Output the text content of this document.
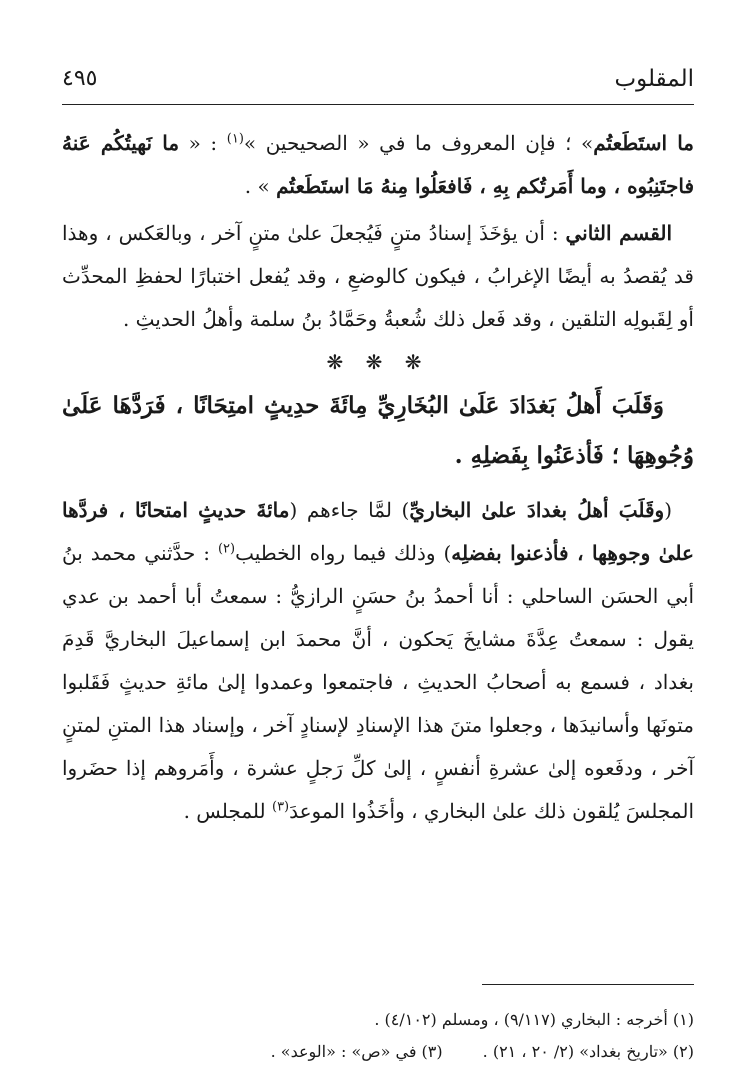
المقلوب
٤٩٥

ما استَطَعتُم» ؛ فإن المعروف ما في « الصحيحين »$^{(١)}$ : « ما نَهيتُكُم عَنهُ فاجتَنِبُوه ، وما أَمَرتُكم بِهِ ، فَافعَلُوا مِنهُ مَا استَطَعتُم » .

القسم الثاني : أن يؤخَذَ إسنادُ متنٍ فَيُجعلَ علىٰ متنٍ آخر ، وبالعَكس ، وهذا قد يُقصدُ به أيضًا الإغرابُ ، فيكون كالوضعِ ، وقد يُفعل اختبارًا لحفظِ المحدِّث أو لِقَبولِه التلقين ، وقد فَعل ذلك شُعبةُ وحَمَّادُ بنُ سلمة وأهلُ الحديثِ .

❋ ❋ ❋

وَقَلَبَ أَهلُ بَغدَادَ عَلَىٰ البُخَارِيِّ مِائَةَ حدِيثٍ امتِحَانًا ، فَرَدَّهَا عَلَىٰ وُجُوهِهَا ؛ فَأذعَنُوا بِفَضلِهِ .

(وقَلَبَ أهلُ بغدادَ علىٰ البخاريِّ) لمَّا جاءهم (مائةَ حديثٍ امتحانًا ، فردَّها علىٰ وجوهِها ، فأذعنوا بفضلِه) وذلك فيما رواه الخطيب$^{(٢)}$ : حدَّثني محمد بنُ أبي الحسَن الساحلي : أنا أحمدُ بنُ حسَنٍ الرازيُّ : سمعتُ أبا أحمد بن عدي يقول : سمعتُ عِدَّةَ مشايخَ يَحكون ، أنَّ محمدَ ابن إسماعيلَ البخاريَّ قَدِمَ بغداد ، فسمع به أصحابُ الحديثِ ، فاجتمعوا وعمدوا إلىٰ مائةِ حديثٍ فَقَلبوا متونَها وأسانيدَها ، وجعلوا متنَ هذا الإسنادِ لإسنادٍ آخر ، وإسناد هذا المتنِ لمتنٍ آخر ، ودفَعوه إلىٰ عشرةِ أنفسٍ ، إلىٰ كلِّ رَجلٍ عشرة ، وأَمَروهم إذا حضَروا المجلسَ يُلقون ذلك علىٰ البخاري ، وأخَذُوا الموعدَ$^{(٣)}$ للمجلس .

(١) أخرجه : البخاري (٩/١١٧) ، ومسلم (٤/١٠٢) .
(٢) «تاريخ بغداد» (٢/ ٢٠ ، ٢١) .(٣) في «ص» : «الوعد» .
